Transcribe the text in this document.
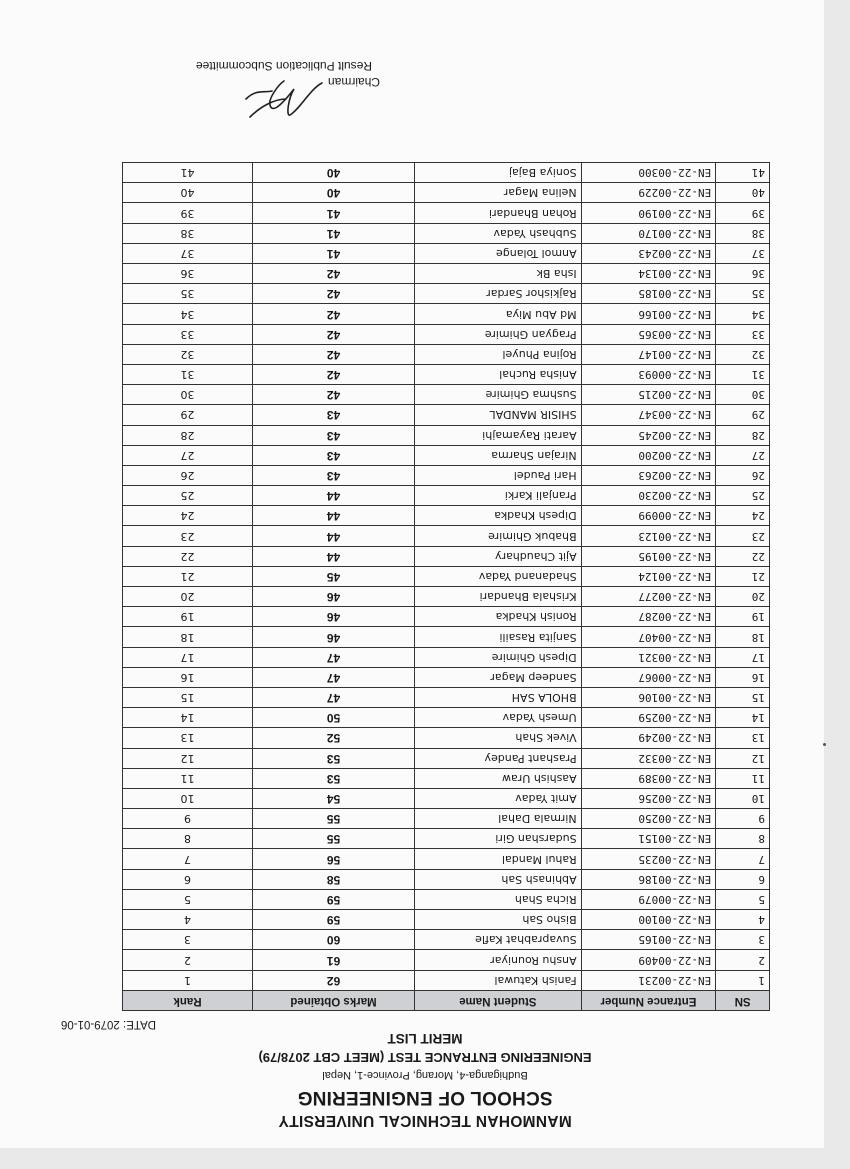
MANMOHAN TECHNICAL UNIVERSITY
SCHOOL OF ENGINEERING
Budhiganga-4, Morang, Province-1, Nepal
ENGINEERING ENTRANCE TEST (MEET CBT 2078/79)
MERIT LIST
DATE: 2079-01-06
SN	Entrance Number	Student Name	Marks Obtained	Rank
1	EN-22-00231	Fanish Katuwal	62	1
2	EN-22-00409	Anshu Rouniyar	61	2
3	EN-22-00165	Suvaprabhat Kafle	60	3
4	EN-22-00100	Bisho Sah	59	4
5	EN-22-00079	Richa Shah	59	5
6	EN-22-00186	Abhinash Sah	58	6
7	EN-22-00235	Rahul Mandal	56	7
8	EN-22-00151	Sudarshan Giri	55	8
9	EN-22-00250	Nirmala Dahal	55	9
10	EN-22-00256	Amit Yadav	54	10
11	EN-22-00389	Aashish Uraw	53	11
12	EN-22-00332	Prashant Pandey	53	12
13	EN-22-00249	Vivek Shah	52	13
14	EN-22-00259	Umesh Yadav	50	14
15	EN-22-00106	BHOLA SAH	47	15
16	EN-22-00067	Sandeep Magar	47	16
17	EN-22-00321	Dipesh Ghimire	47	17
18	EN-22-00407	Sanjita Rasaili	46	18
19	EN-22-00287	Ronish Khadka	46	19
20	EN-22-00277	Krishala Bhandari	46	20
21	EN-22-00124	Shadanand Yadav	45	21
22	EN-22-00195	Ajit Chaudhary	44	22
23	EN-22-00123	Bhabuk Ghimire	44	23
24	EN-22-00099	Dipesh Khadka	44	24
25	EN-22-00230	Pranjali Karki	44	25
26	EN-22-00263	Hari Paudel	43	26
27	EN-22-00200	Nirajan Sharma	43	27
28	EN-22-00245	Aarati Rayamajhi	43	28
29	EN-22-00347	SHISIR MANDAL	43	29
30	EN-22-00215	Sushma Ghimire	42	30
31	EN-22-00093	Anisha Ruchal	42	31
32	EN-22-00147	Rojina Phuyel	42	32
33	EN-22-00365	Pragyan Ghimire	42	33
34	EN-22-00166	Md Abu Miya	42	34
35	EN-22-00185	Rajkishor Sardar	42	35
36	EN-22-00134	Isha Bk	42	36
37	EN-22-00243	Anmol Tolange	41	37
38	EN-22-00170	Subhash Yadav	41	38
39	EN-22-00190	Rohan Bhandari	41	39
40	EN-22-00229	Nelina Magar	40	40
41	EN-22-00300	Soniya Bajaj	40	41
Chairman
Result Publication Subcommittee
